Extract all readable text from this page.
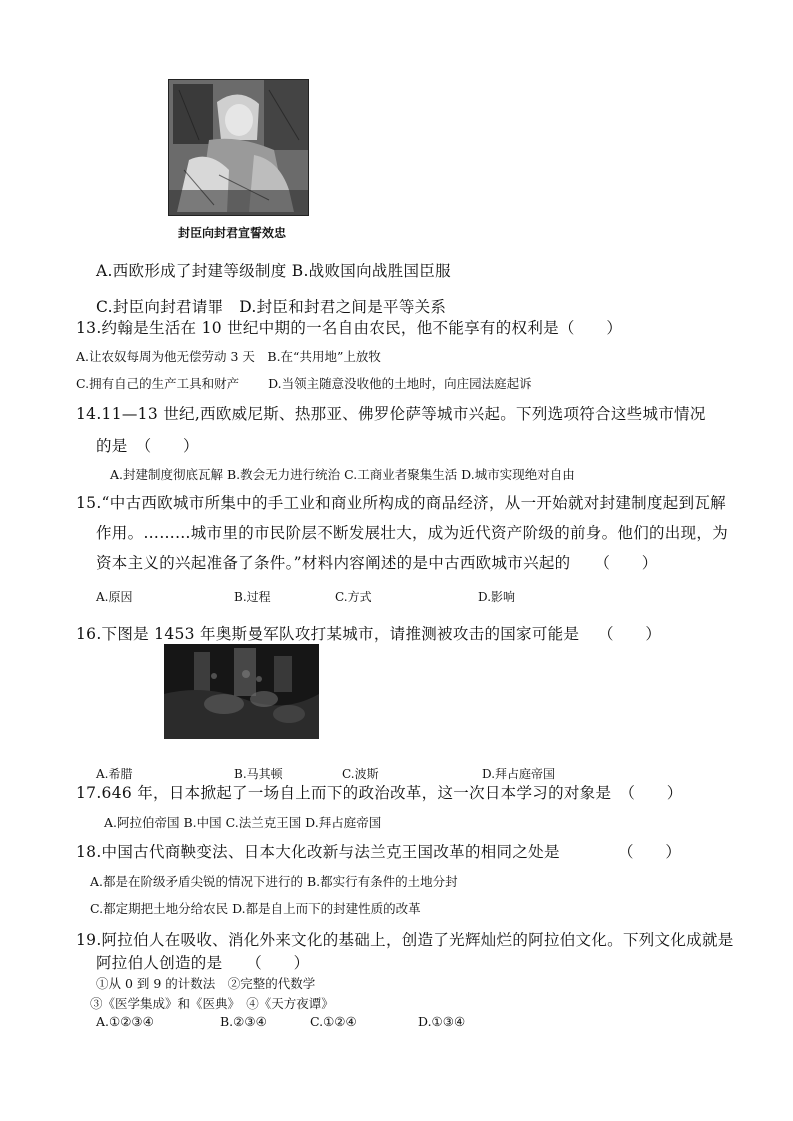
封臣向封君宣誓效忠
A.西欧形成了封建等级制度 B.战败国向战胜国臣服
C.封臣向封君请罪　D.封臣和封君之间是平等关系
13.约翰是生活在 10 世纪中期的一名自由农民，他不能享有的权利是（　　）
A.让农奴每周为他无偿劳动 3 天　B.在“共用地”上放牧
C.拥有自己的生产工具和财产　　 D.当领主随意没收他的土地时，向庄园法庭起诉
14.11—13 世纪,西欧威尼斯、热那亚、佛罗伦萨等城市兴起。下列选项符合这些城市情况
的是　（　　）
A.封建制度彻底瓦解 B.教会无力进行统治 C.工商业者聚集生活 D.城市实现绝对自由
15.“中古西欧城市所集中的手工业和商业所构成的商品经济，从一开始就对封建制度起到瓦解
作用。………城市里的市民阶层不断发展壮大，成为近代资产阶级的前身。他们的出现，为
资本主义的兴起准备了条件。”材料内容阐述的是中古西欧城市兴起的　　（　　）
A.原因	B.过程	C.方式	D.影响
16.下图是 1453 年奥斯曼军队攻打某城市，请推测被攻击的国家可能是 （　　）
A.希腊	B.马其顿	C.波斯	D.拜占庭帝国
17.646 年，日本掀起了一场自上而下的政治改革，这一次日本学习的对象是　（　　）
A.阿拉伯帝国 B.中国 C.法兰克王国 D.拜占庭帝国
18.中国古代商鞅变法、日本大化改新与法兰克王国改革的相同之处是	（　　）
A.都是在阶级矛盾尖锐的情况下进行的 B.都实行有条件的土地分封
C.都定期把土地分给农民 D.都是自上而下的封建性质的改革
19.阿拉伯人在吸收、消化外来文化的基础上，创造了光辉灿烂的阿拉伯文化。下列文化成就是
阿拉伯人创造的是　　（　　）
①从 0 到 9 的计数法　②完整的代数学
③《医学集成》和《医典》　④《天方夜谭》
A.①②③④	B.②③④	C.①②④	D.①③④
